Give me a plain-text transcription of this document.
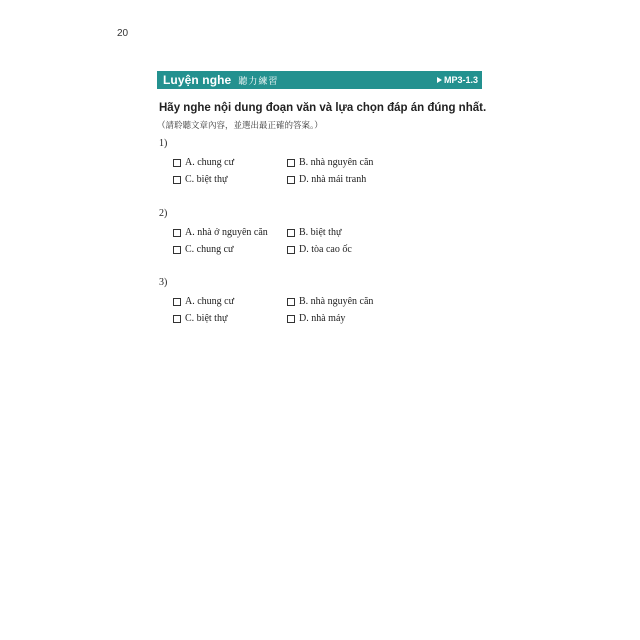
20
Luyện nghe 聽力練習	MP3-1.3
Hãy nghe nội dung đoạn văn và lựa chọn đáp án đúng nhất.
（請聆聽文章內容，並選出最正確的答案。）
1)
A. chung cư	B. nhà nguyên căn
C. biệt thự	D. nhà mái tranh
2)
A. nhà ở nguyên căn	B. biệt thự
C. chung cư	D. tòa cao ốc
3)
A. chung cư	B. nhà nguyên căn
C. biệt thự	D. nhà máy
